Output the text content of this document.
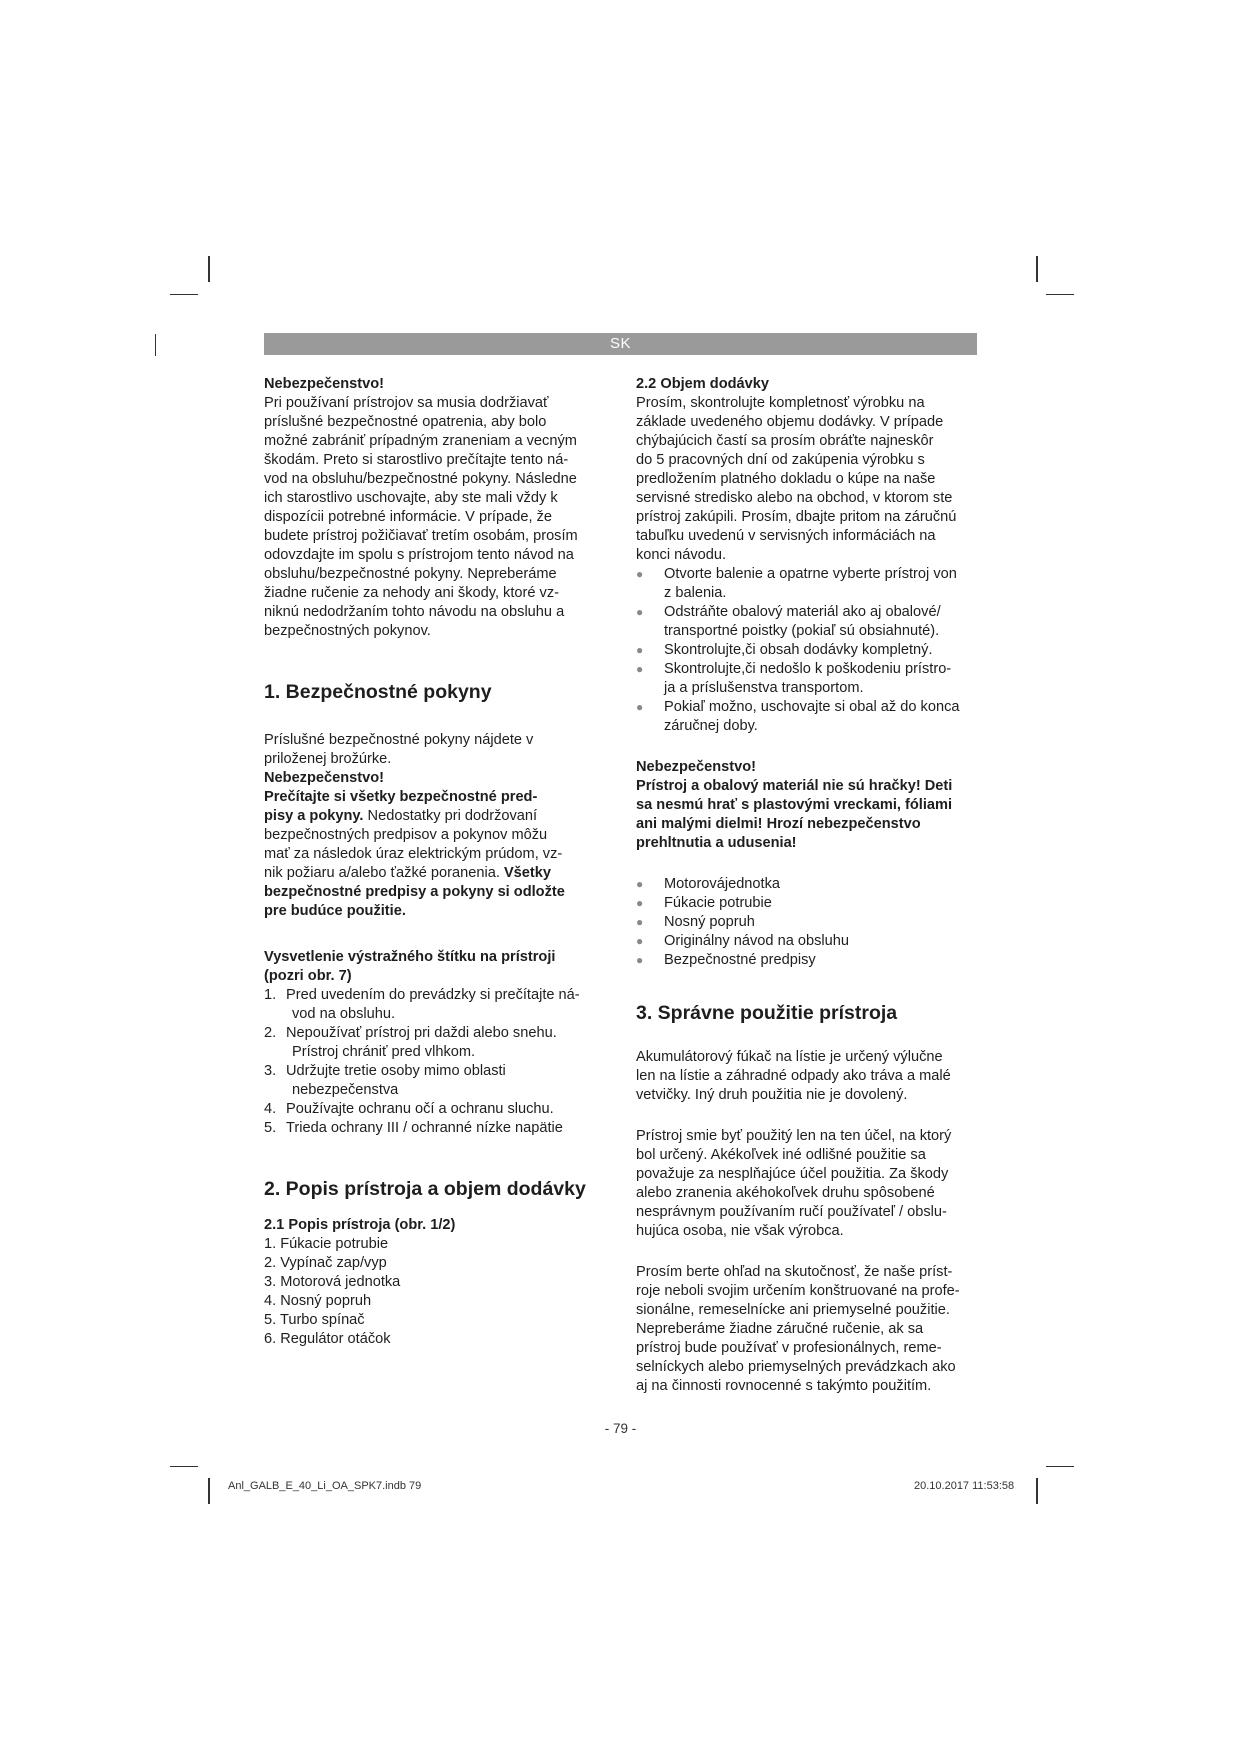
SK

Nebezpečenstvo!

Pri používaní prístrojov sa musia dodržiavať

príslušné bezpečnostné opatrenia, aby bolo

možné zabrániť prípadným zraneniam a vecným

škodám. Preto si starostlivo prečítajte tento ná-

vod na obsluhu/bezpečnostné pokyny. Následne

ich starostlivo uschovajte, aby ste mali vždy k

dispozícii potrebné informácie. V prípade, že

budete prístroj požičiavať tretím osobám, prosím

odovzdajte im spolu s prístrojom tento návod na

obsluhu/bezpečnostné pokyny. Nepreberáme

žiadne ručenie za nehody ani škody, ktoré vz-

niknú nedodržaním tohto návodu na obsluhu a

bezpečnostných pokynov.

1. Bezpečnostné pokyny

Príslušné bezpečnostné pokyny nájdete v

priloženej brožúrke.

Nebezpečenstvo!

Prečítajte si všetky bezpečnostné pred-

pisy a pokyny. Nedostatky pri dodržovaní

bezpečnostných predpisov a pokynov môžu

mať za následok úraz elektrickým prúdom, vz-

nik požiaru a/alebo ťažké poranenia. Všetky

bezpečnostné predpisy a pokyny si odložte

pre budúce použitie.

Vysvetlenie výstražného štítku na prístroji

(pozri obr. 7)

1. Pred uvedením do prevádzky si prečítajte ná-
vod na obsluhu.
2. Nepoužívať prístroj pri daždi alebo snehu.
Prístroj chrániť pred vlhkom.
3. Udržujte tretie osoby mimo oblasti
nebezpečenstva
4. Používajte ochranu očí a ochranu sluchu.
5. Trieda ochrany III / ochranné nízke napätie
2. Popis prístroja a objem dodávky

2.1 Popis prístroja (obr. 1/2)

1. Fúkacie potrubie

2. Vypínač zap/vyp

3. Motorová jednotka

4. Nosný popruh

5. Turbo spínač

6. Regulátor otáčok

2.2 Objem dodávky

Prosím, skontrolujte kompletnosť výrobku na

základe uvedeného objemu dodávky. V prípade

chýbajúcich častí sa prosím obráťte najneskôr

do 5 pracovných dní od zakúpenia výrobku s

predložením platného dokladu o kúpe na naše

servisné stredisko alebo na obchod, v ktorom ste

prístroj zakúpili. Prosím, dbajte pritom na záručnú

tabuľku uvedenú v servisných informáciách na

konci návodu.

● Otvorte balenie a opatrne vyberte prístroj von
z balenia.
● Odstráňte obalový materiál ako aj obalové/
transportné poistky (pokiaľ sú obsiahnuté).
● Skontrolujte,či obsah dodávky kompletný.
● Skontrolujte,či nedošlo k poškodeniu prístro-
ja a príslušenstva transportom.
● Pokiaľ možno, uschovajte si obal až do konca
záručnej doby.

Nebezpečenstvo!

Prístroj a obalový materiál nie sú hračky! Deti

sa nesmú hrať s plastovými vreckami, fóliami

ani malými dielmi! Hrozí nebezpečenstvo

prehltnutia a udusenia!

● Motorovájednotka
● Fúkacie potrubie
● Nosný popruh
● Originálny návod na obsluhu
● Bezpečnostné predpisy
3. Správne použitie prístroja

Akumulátorový fúkač na lístie je určený výlučne

len na lístie a záhradné odpady ako tráva a malé

vetvičky. Iný druh použitia nie je dovolený.

Prístroj smie byť použitý len na ten účel, na ktorý

bol určený. Akékoľvek iné odlišné použitie sa

považuje za nesplňajúce účel použitia. Za škody

alebo zranenia akéhokoľvek druhu spôsobené

nesprávnym používaním ručí používateľ / obslu-

hujúca osoba, nie však výrobca.

Prosím berte ohľad na skutočnosť, že naše príst-

roje neboli svojim určením konštruované na profe-

sionálne, remeselnícke ani priemyselné použitie.

Nepreberáme žiadne záručné ručenie, ak sa

prístroj bude používať v profesionálnych, reme-

selníckych alebo priemyselných prevádzkach ako

aj na činnosti rovnocenné s takýmto použitím.

- 79 -
Anl_GALB_E_40_Li_OA_SPK7.indb 79	20.10.2017 11:53:58
